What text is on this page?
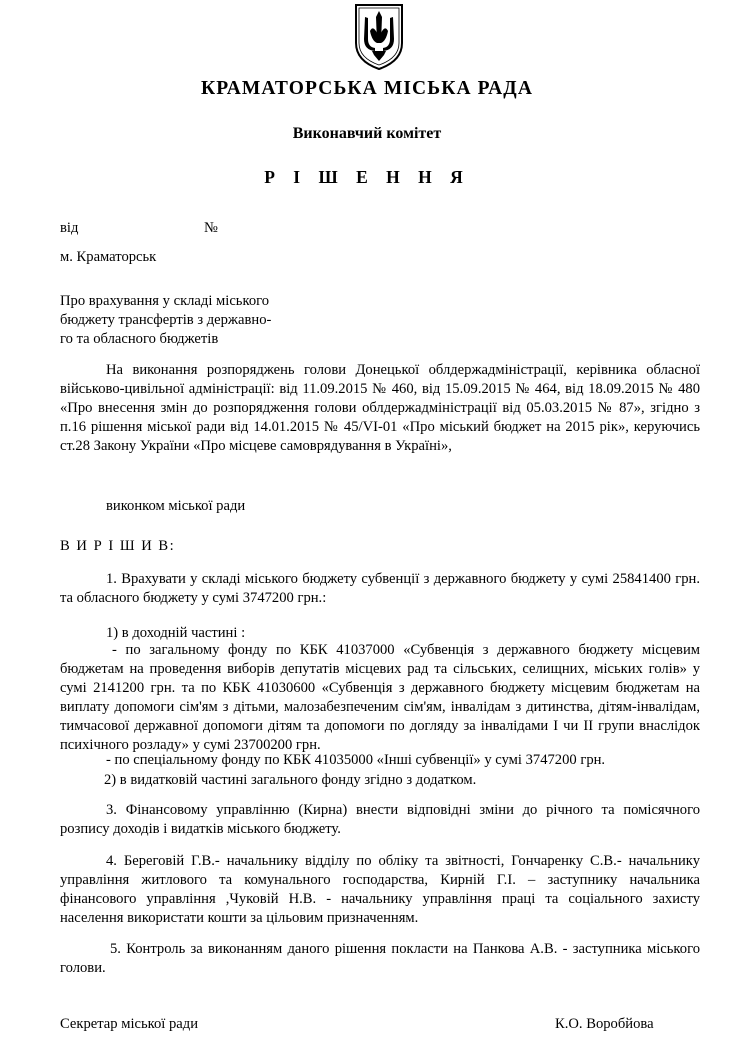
КРАМАТОРСЬКА МІСЬКА РАДА
Виконавчий комітет
Р І Ш Е Н Н Я
від	№
м. Краматорськ
Про врахування у складі міського
бюджету трансфертів з державно-
го та обласного бюджетів
На виконання розпоряджень голови Донецької облдержадміністрації, керівника обласної військово-цивільної адміністрації: від 11.09.2015 № 460, від 15.09.2015 № 464, від 18.09.2015 № 480 «Про внесення змін до розпорядження голови облдержадміністрації від 05.03.2015 № 87», згідно з п.16 рішення міської ради від 14.01.2015 № 45/VI-01 «Про міський бюджет на 2015 рік», керуючись ст.28 Закону України «Про місцеве самоврядування в Україні»,
виконком міської ради
В И Р І Ш И В:
1. Врахувати у складі міського бюджету субвенції з державного бюджету у сумі 25841400 грн. та обласного бюджету у сумі 3747200 грн.:
1) в доходній частині :
- по загальному фонду по КБК 41037000 «Субвенція з державного бюджету місцевим бюджетам на проведення виборів депутатів місцевих рад та сільських, селищних, міських голів» у сумі 2141200 грн. та по КБК 41030600 «Субвенція з державного бюджету місцевим бюджетам на виплату допомоги сім'ям з дітьми, малозабезпеченим сім'ям, інвалідам з дитинства, дітям-інвалідам, тимчасової державної допомоги дітям та допомоги по догляду за інвалідами I чи II групи внаслідок психічного розладу» у сумі 23700200 грн.
- по спеціальному фонду по КБК 41035000 «Інші субвенції» у сумі 3747200 грн.
2) в видатковій частині загального фонду згідно з додатком.
3. Фінансовому управлінню (Кирна) внести відповідні зміни до річного та помісячного розпису доходів і видатків міського бюджету.
4. Береговій Г.В.- начальнику відділу по обліку та звітності, Гончаренку С.В.- начальнику управління житлового та комунального господарства, Кирній Г.І. – заступнику начальника фінансового управління ,Чуковій Н.В. - начальнику управління праці та соціального захисту населення використати кошти за цільовим призначенням.
5. Контроль за виконанням даного рішення покласти на Панкова А.В. - заступника міського голови.
Секретар міської ради	К.О. Воробйова
